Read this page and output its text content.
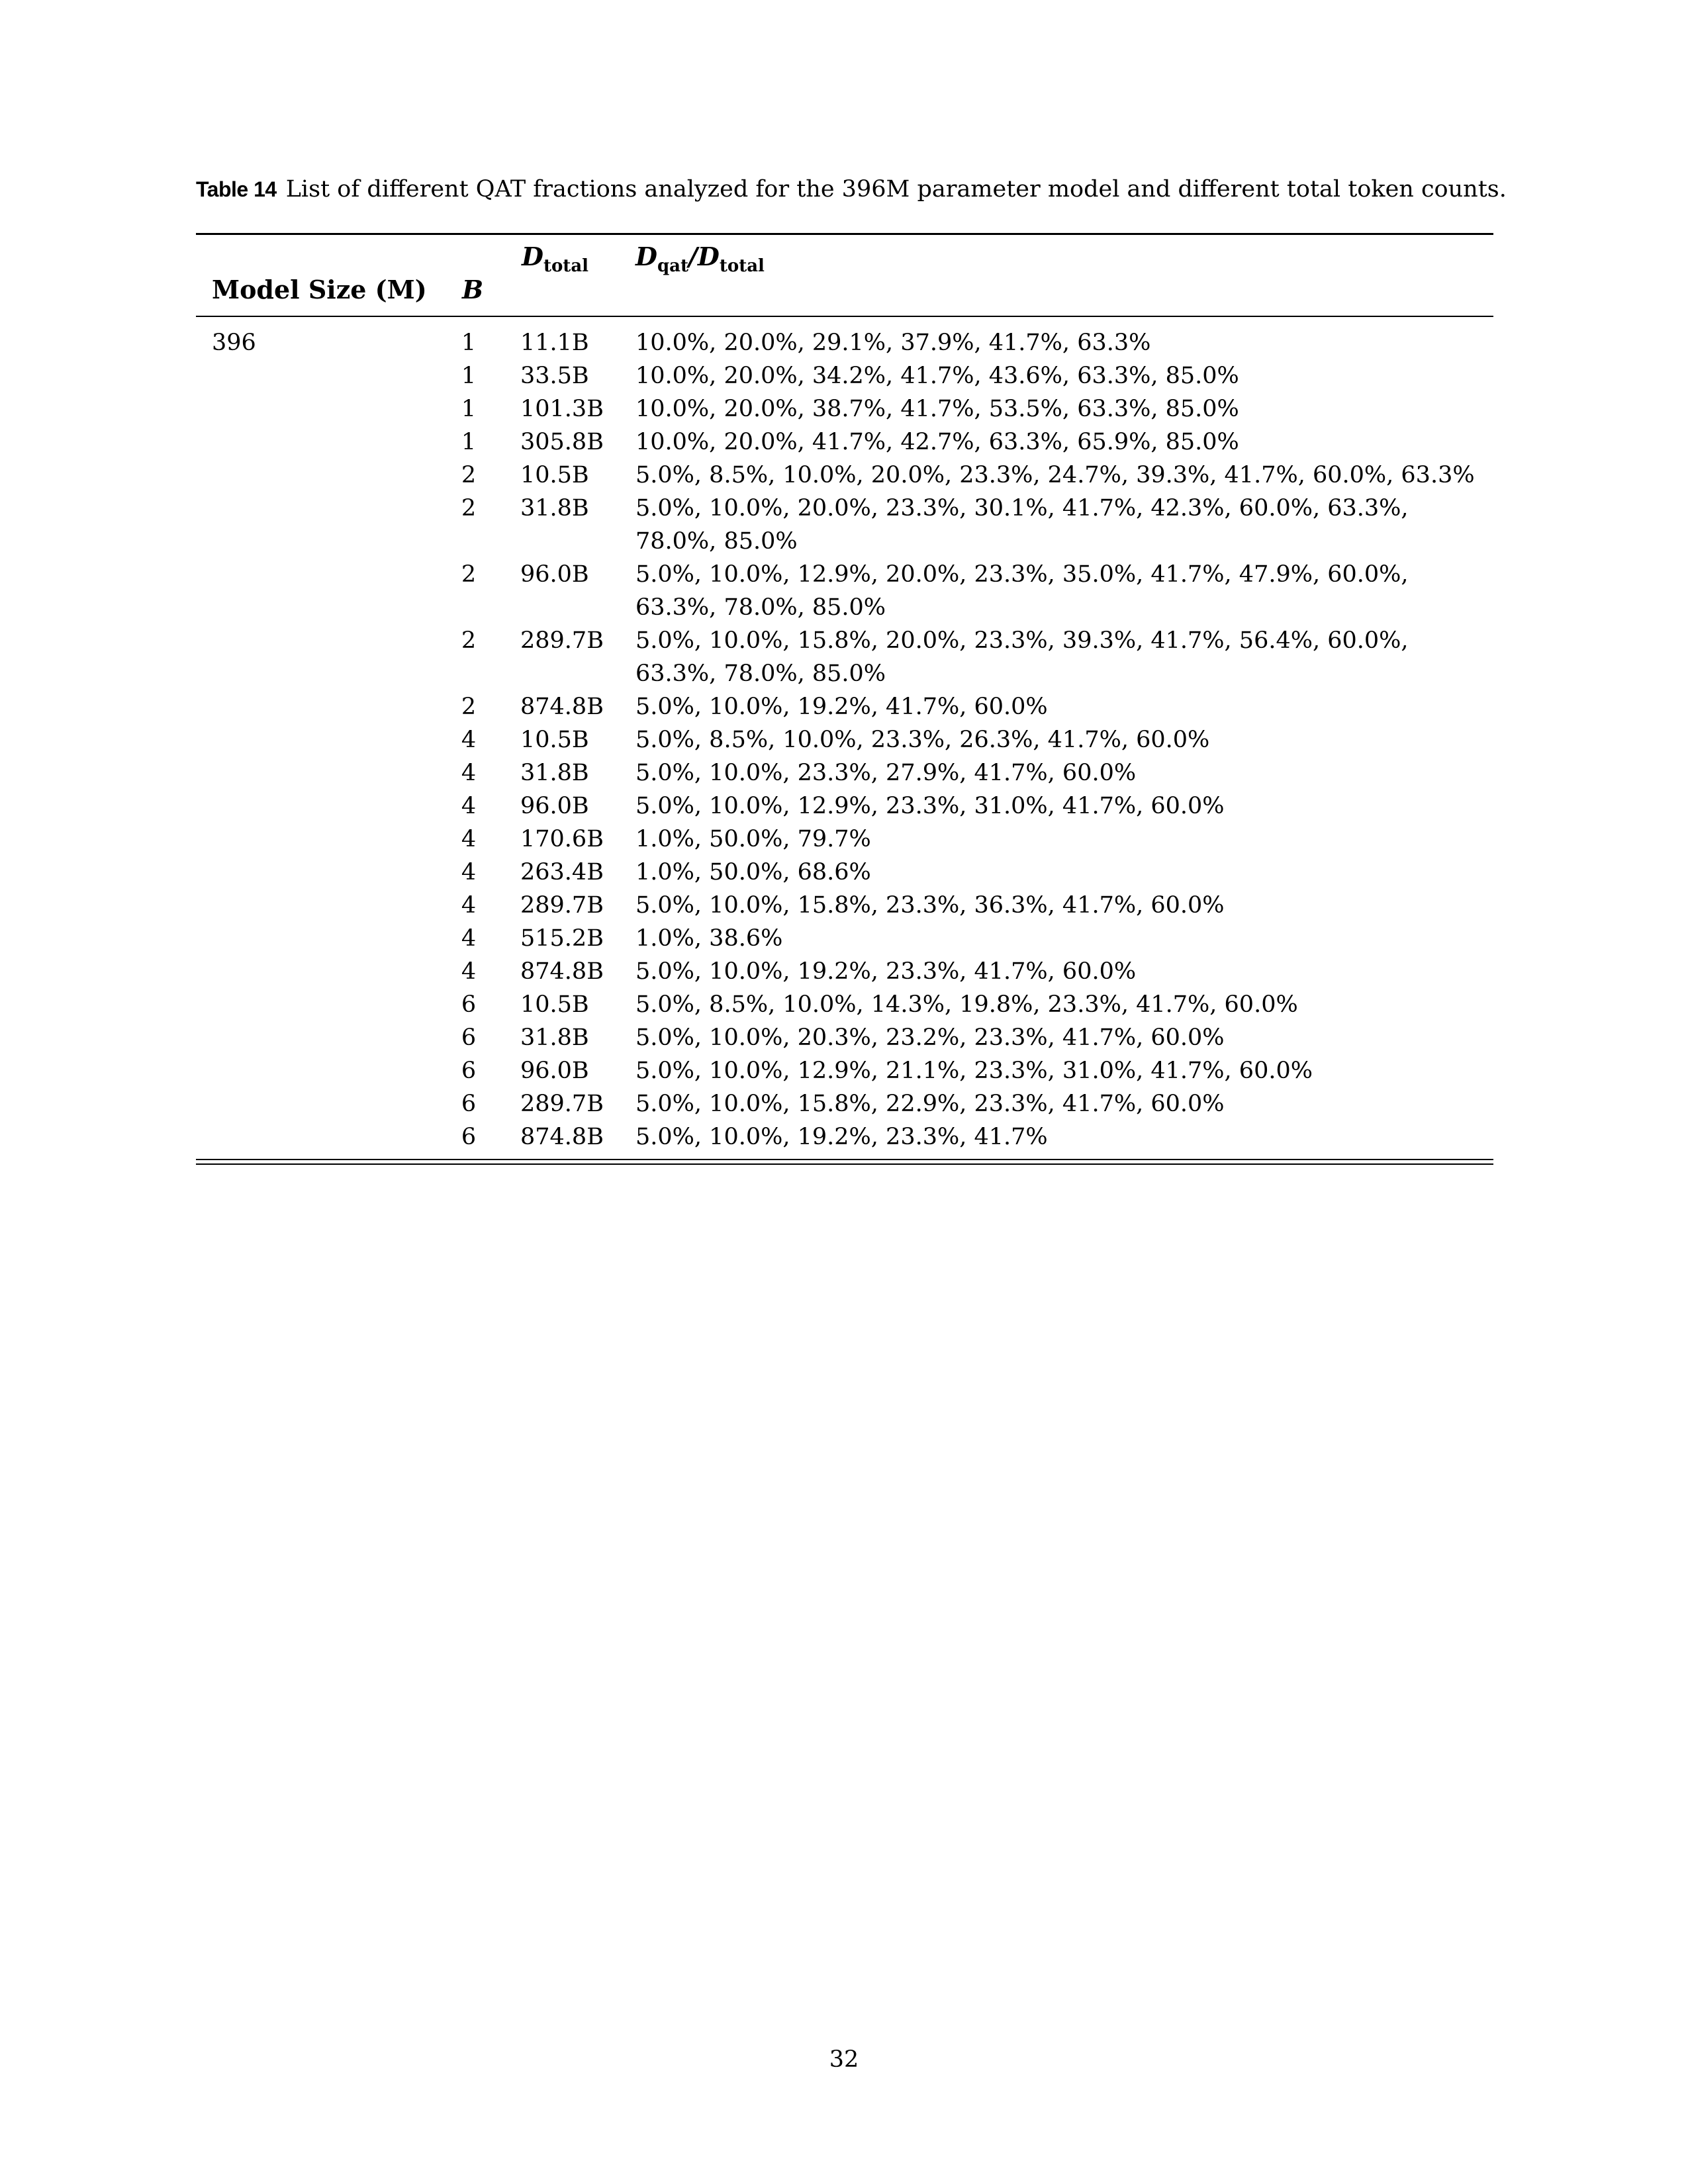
Table 14 List of different QAT fractions analyzed for the 396M parameter model and different total token counts.
Model Size (M) B
$D_{total}$ $D_{qat}/D_{total}$
396	1 11.1B 10.0%, 20.0%, 29.1%, 37.9%, 41.7%, 63.3%
1 33.5B 10.0%, 20.0%, 34.2%, 41.7%, 43.6%, 63.3%, 85.0%
1 101.3B 10.0%, 20.0%, 38.7%, 41.7%, 53.5%, 63.3%, 85.0%
1 305.8B 10.0%, 20.0%, 41.7%, 42.7%, 63.3%, 65.9%, 85.0%
2 10.5B 5.0%, 8.5%, 10.0%, 20.0%, 23.3%, 24.7%, 39.3%, 41.7%, 60.0%, 63.3%
2 31.8B 5.0%, 10.0%, 20.0%, 23.3%, 30.1%, 41.7%, 42.3%, 60.0%, 63.3%, 78.0%, 85.0%
2 96.0B 5.0%, 10.0%, 12.9%, 20.0%, 23.3%, 35.0%, 41.7%, 47.9%, 60.0%, 63.3%, 78.0%, 85.0%
2 289.7B 5.0%, 10.0%, 15.8%, 20.0%, 23.3%, 39.3%, 41.7%, 56.4%, 60.0%, 63.3%, 78.0%, 85.0%
2 874.8B 5.0%, 10.0%, 19.2%, 41.7%, 60.0%
4 10.5B 5.0%, 8.5%, 10.0%, 23.3%, 26.3%, 41.7%, 60.0%
4 31.8B 5.0%, 10.0%, 23.3%, 27.9%, 41.7%, 60.0%
4 96.0B 5.0%, 10.0%, 12.9%, 23.3%, 31.0%, 41.7%, 60.0%
4 170.6B 1.0%, 50.0%, 79.7%
4 263.4B 1.0%, 50.0%, 68.6%
4 289.7B 5.0%, 10.0%, 15.8%, 23.3%, 36.3%, 41.7%, 60.0%
4 515.2B 1.0%, 38.6%
4 874.8B 5.0%, 10.0%, 19.2%, 23.3%, 41.7%, 60.0%
6 10.5B 5.0%, 8.5%, 10.0%, 14.3%, 19.8%, 23.3%, 41.7%, 60.0%
6 31.8B 5.0%, 10.0%, 20.3%, 23.2%, 23.3%, 41.7%, 60.0%
6 96.0B 5.0%, 10.0%, 12.9%, 21.1%, 23.3%, 31.0%, 41.7%, 60.0%
6 289.7B 5.0%, 10.0%, 15.8%, 22.9%, 23.3%, 41.7%, 60.0%
6 874.8B 5.0%, 10.0%, 19.2%, 23.3%, 41.7%
32
